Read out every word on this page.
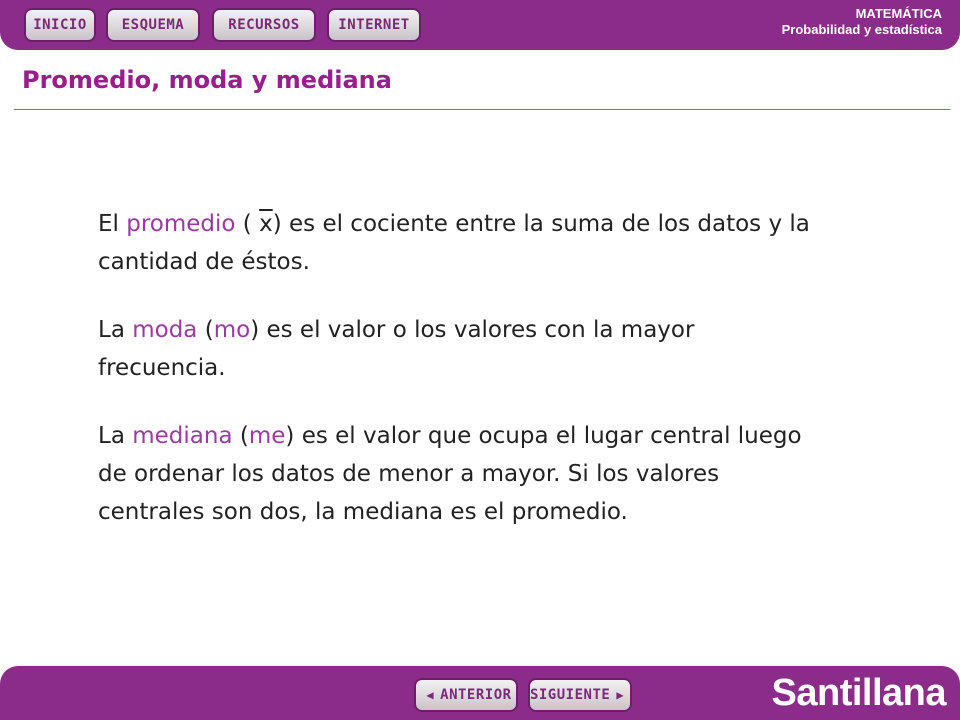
INICIO	ESQUEMA	RECURSOS	INTERNET
MATEMÁTICA
Probabilidad y estadística
Promedio, moda y mediana

El promedio ( $\overline{x}$) es el cociente entre la suma de los datos y la cantidad de éstos.

La moda (mo) es el valor o los valores con la mayor frecuencia.

La mediana (me) es el valor que ocupa el lugar central luego de ordenar los datos de menor a mayor. Si los valores centrales son dos, la mediana es el promedio.

◀ ANTERIOR SIGUIENTE ▶	Santillana
